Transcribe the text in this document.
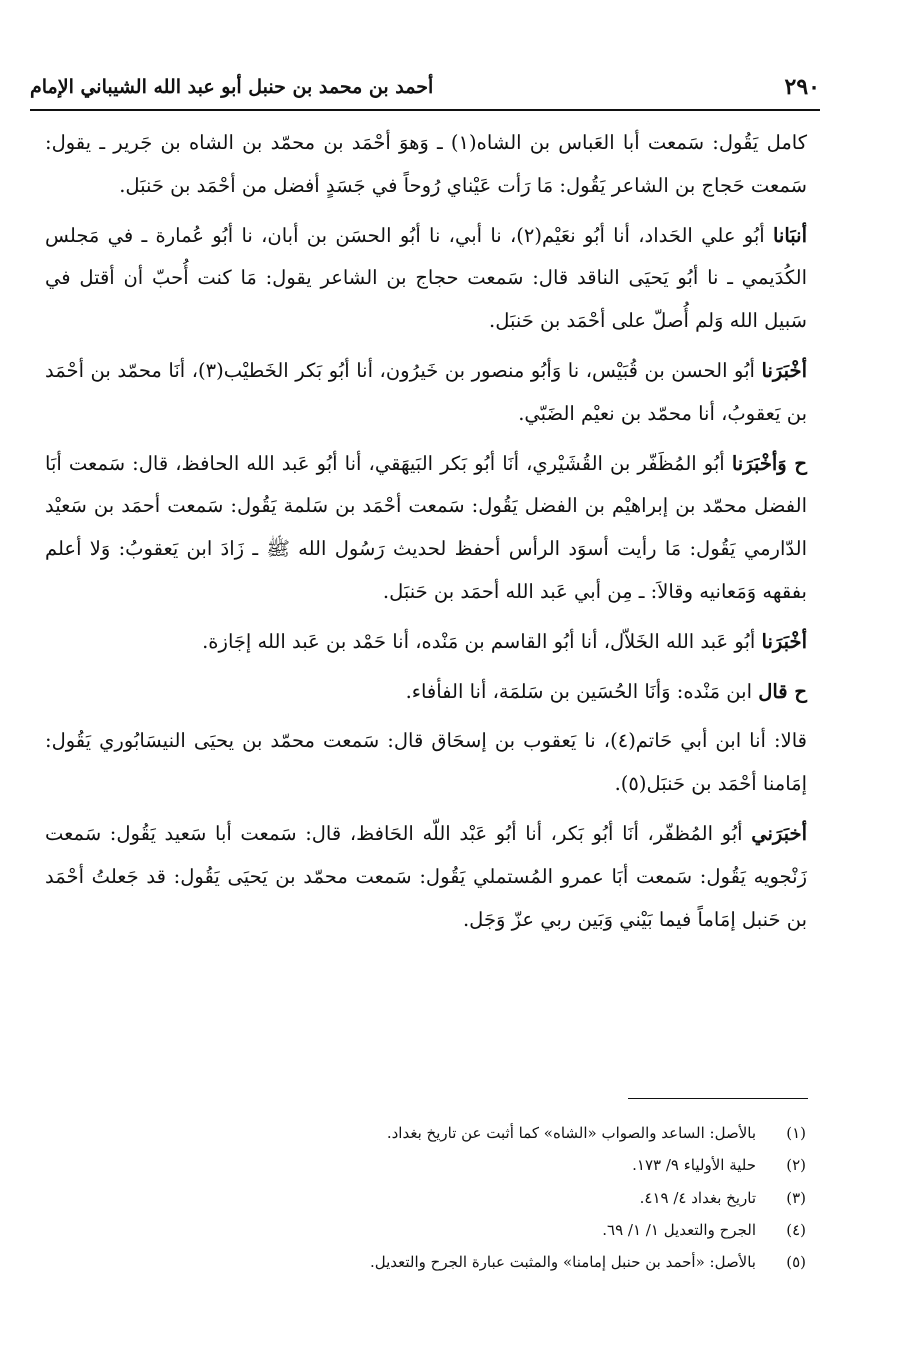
٢٩٠
أحمد بن محمد بن حنبل أبو عبد الله الشيباني الإمام

كامل يَقُول: سَمعت أبا العَباس بن الشاه(١) ـ وَهوَ أحْمَد بن محمّد بن الشاه بن جَرير ـ يقول: سَمعت حَجاج بن الشاعر يَقُول: مَا رَأت عَيْناي رُوحاً في جَسَدٍ أفضل من أحْمَد بن حَنبَل.

أنبَانا أبُو علي الحَداد، أنا أبُو نعَيْم(٢)، نا أبي، نا أبُو الحسَن بن أبان، نا أبُو عُمارة ـ في مَجلس الكُدَيمي ـ نا أبُو يَحيَى الناقد قال: سَمعت حجاج بن الشاعر يقول: مَا كنت أُحبّ أن أقتل في سَبيل الله وَلم أُصلّ على أحْمَد بن حَنبَل.

أخْبَرَنا أبُو الحسن بن قُبَيْس، نا وَأبُو منصور بن خَيرُون، أنا أبُو بَكر الخَطيْب(٣)، أنَا محمّد بن أحْمَد بن يَعقوبُ، أنا محمّد بن نعيْم الضَبّي.

ح وَأخْبَرَنا أبُو المُظَفّر بن القُشَيْري، أنَا أبُو بَكر البَيهَقي، أنا أبُو عَبد الله الحافظ، قال: سَمعت أبَا الفضل محمّد بن إبراهيْم بن الفضل يَقُول: سَمعت أحْمَد بن سَلمة يَقُول: سَمعت أحمَد بن سَعيْد الدّارمي يَقُول: مَا رأيت أسوَد الرأس أحفظ لحديث رَسُول الله ﷺ ـ زَادَ ابن يَعقوبُ: وَلا أعلم بفقهه وَمَعانيه وقالاَ: ـ مِن أبي عَبد الله أحمَد بن حَنبَل.

أخْبَرَنا أبُو عَبد الله الخَلاّل، أنا أبُو القاسم بن مَنْده، أنا حَمْد بن عَبد الله إجَازة.

ح قال ابن مَنْده: وَأنَا الحُسَين بن سَلمَة، أنا الفأفاء.

قالا: أنا ابن أبي حَاتم(٤)، نا يَعقوب بن إسحَاق قال: سَمعت محمّد بن يحيَى النيسَابُوري يَقُول: إمَامنا أحْمَد بن حَنبَل(٥).

أخبَرَني أبُو المُظفّر، أنَا أبُو بَكر، أنا أبُو عَبْد اللّه الحَافظ، قال: سَمعت أبا سَعيد يَقُول: سَمعت زَنْجويه يَقُول: سَمعت أبَا عمرو المُستملي يَقُول: سَمعت محمّد بن يَحيَى يَقُول: قد جَعلتُ أحْمَد بن حَنبل إمَاماً فيما بَيْني وَبَين ربي عزّ وَجَل.

(١)
بالأصل: الساعد والصواب «الشاه» كما أثبت عن تاريخ بغداد.
(٢)
حلية الأولياء ٩/ ١٧٣.
(٣)
تاريخ بغداد ٤/ ٤١٩.
(٤)
الجرح والتعديل ١/ ١/ ٦٩.
(٥)
بالأصل: «أحمد بن حنبل إمامنا» والمثبت عبارة الجرح والتعديل.
